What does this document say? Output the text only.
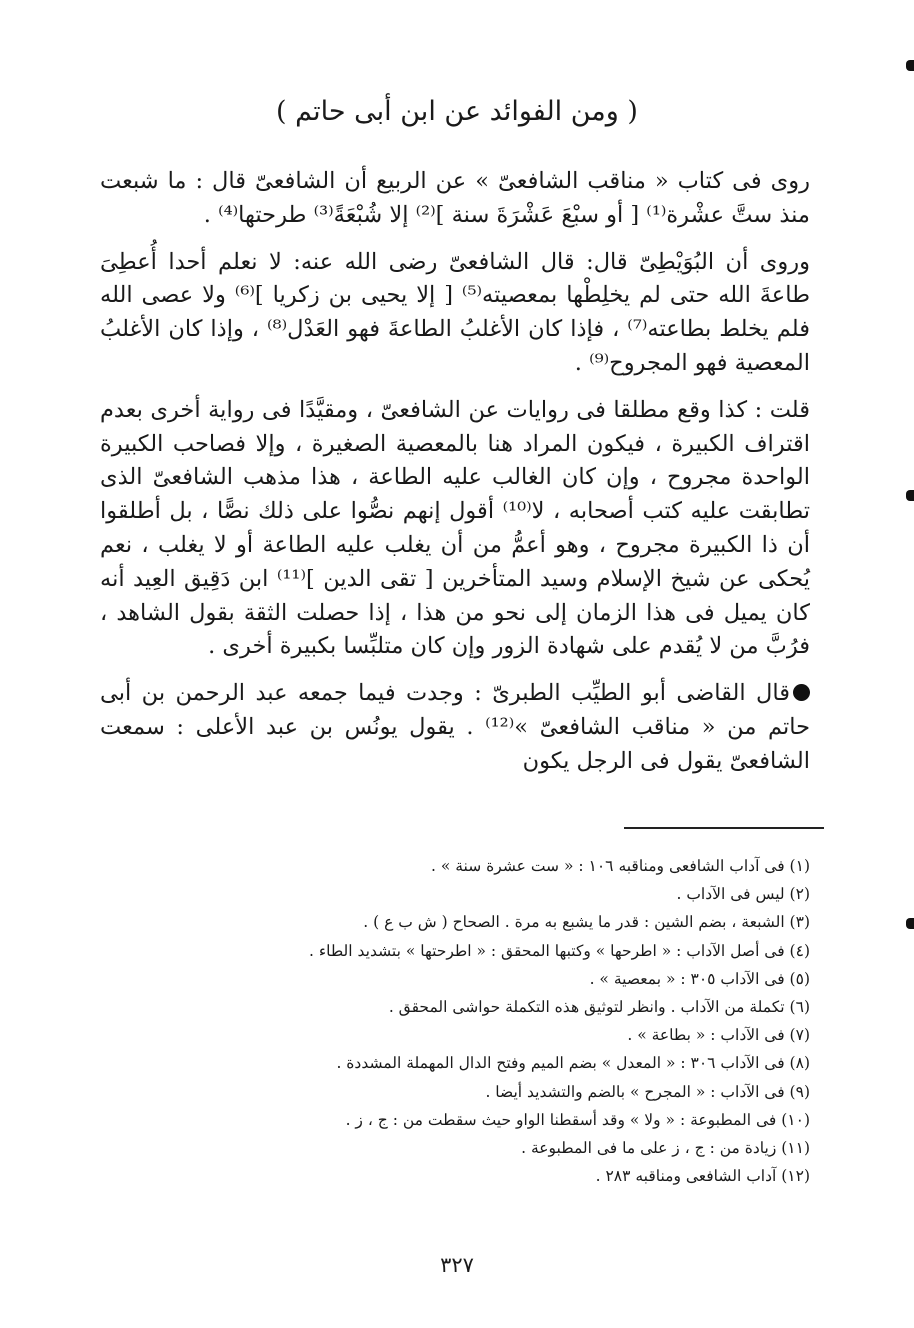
( ومن الفوائد عن ابن أبى حاتم )

روى فى كتاب « مناقب الشافعىّ » عن الربيع أن الشافعىّ قال : ما شبعت منذ ستَّ عشْرة⁽¹⁾ [ أو سبْعَ عَشْرَةَ سنة ]⁽²⁾ إلا شُبْعَةً⁽³⁾ طرحتها⁽⁴⁾ .

وروى أن البُوَيْطِىّ قال: قال الشافعىّ رضى الله عنه: لا نعلم أحدا أُعطِىَ طاعةَ الله حتى لم يخلِطْها بمعصيته⁽⁵⁾ [ إلا يحيى بن زكريا ]⁽⁶⁾ ولا عصى الله فلم يخلط بطاعته⁽⁷⁾ ، فإذا كان الأغلبُ الطاعةَ فهو العَدْل⁽⁸⁾ ، وإذا كان الأغلبُ المعصية فهو المجروح⁽⁹⁾ .

قلت : كذا وقع مطلقا فى روايات عن الشافعىّ ، ومقيَّدًا فى رواية أخرى بعدم اقتراف الكبيرة ، فيكون المراد هنا بالمعصية الصغيرة ، وإلا فصاحب الكبيرة الواحدة مجروح ، وإن كان الغالب عليه الطاعة ، هذا مذهب الشافعىّ الذى تطابقت عليه كتب أصحابه ، لا⁽¹⁰⁾ أقول إنهم نصُّوا على ذلك نصًّا ، بل أطلقوا أن ذا الكبيرة مجروح ، وهو أعمُّ من أن يغلب عليه الطاعة أو لا يغلب ، نعم يُحكى عن شيخ الإسلام وسيد المتأخرين [ تقى الدين ]⁽¹¹⁾ ابن دَقِيق العِيد أنه كان يميل فى هذا الزمان إلى نحو من هذا ، إذا حصلت الثقة بقول الشاهد ، فرُبَّ من لا يُقدم على شهادة الزور وإن كان متلبِّسا بكبيرة أخرى .

قال القاضى أبو الطيِّب الطبرىّ : وجدت فيما جمعه عبد الرحمن بن أبى حاتم من « مناقب الشافعىّ »⁽¹²⁾ . يقول يونُس بن عبد الأعلى : سمعت الشافعىّ يقول فى الرجل يكون

(١) فى آداب الشافعى ومناقبه ١٠٦ : « ست عشرة سنة » .
(٢) ليس فى الآداب .
(٣) الشبعة ، بضم الشين : قدر ما يشبع به مرة . الصحاح ( ش ب ع ) .
(٤) فى أصل الآداب : « اطرحها » وكتبها المحقق : « اطرحتها » بتشديد الطاء .
(٥) فى الآداب ٣٠٥ : « بمعصية » .
(٦) تكملة من الآداب . وانظر لتوثيق هذه التكملة حواشى المحقق .
(٧) فى الآداب : « بطاعة » .
(٨) فى الآداب ٣٠٦ : « المعدل » بضم الميم وفتح الدال المهملة المشددة .
(٩) فى الآداب : « المجرح » بالضم والتشديد أيضا .
(١٠) فى المطبوعة : « ولا » وقد أسقطنا الواو حيث سقطت من : ج ، ز .
(١١) زيادة من : ج ، ز على ما فى المطبوعة .
(١٢) آداب الشافعى ومناقبه ٢٨٣ .
٣٢٧
